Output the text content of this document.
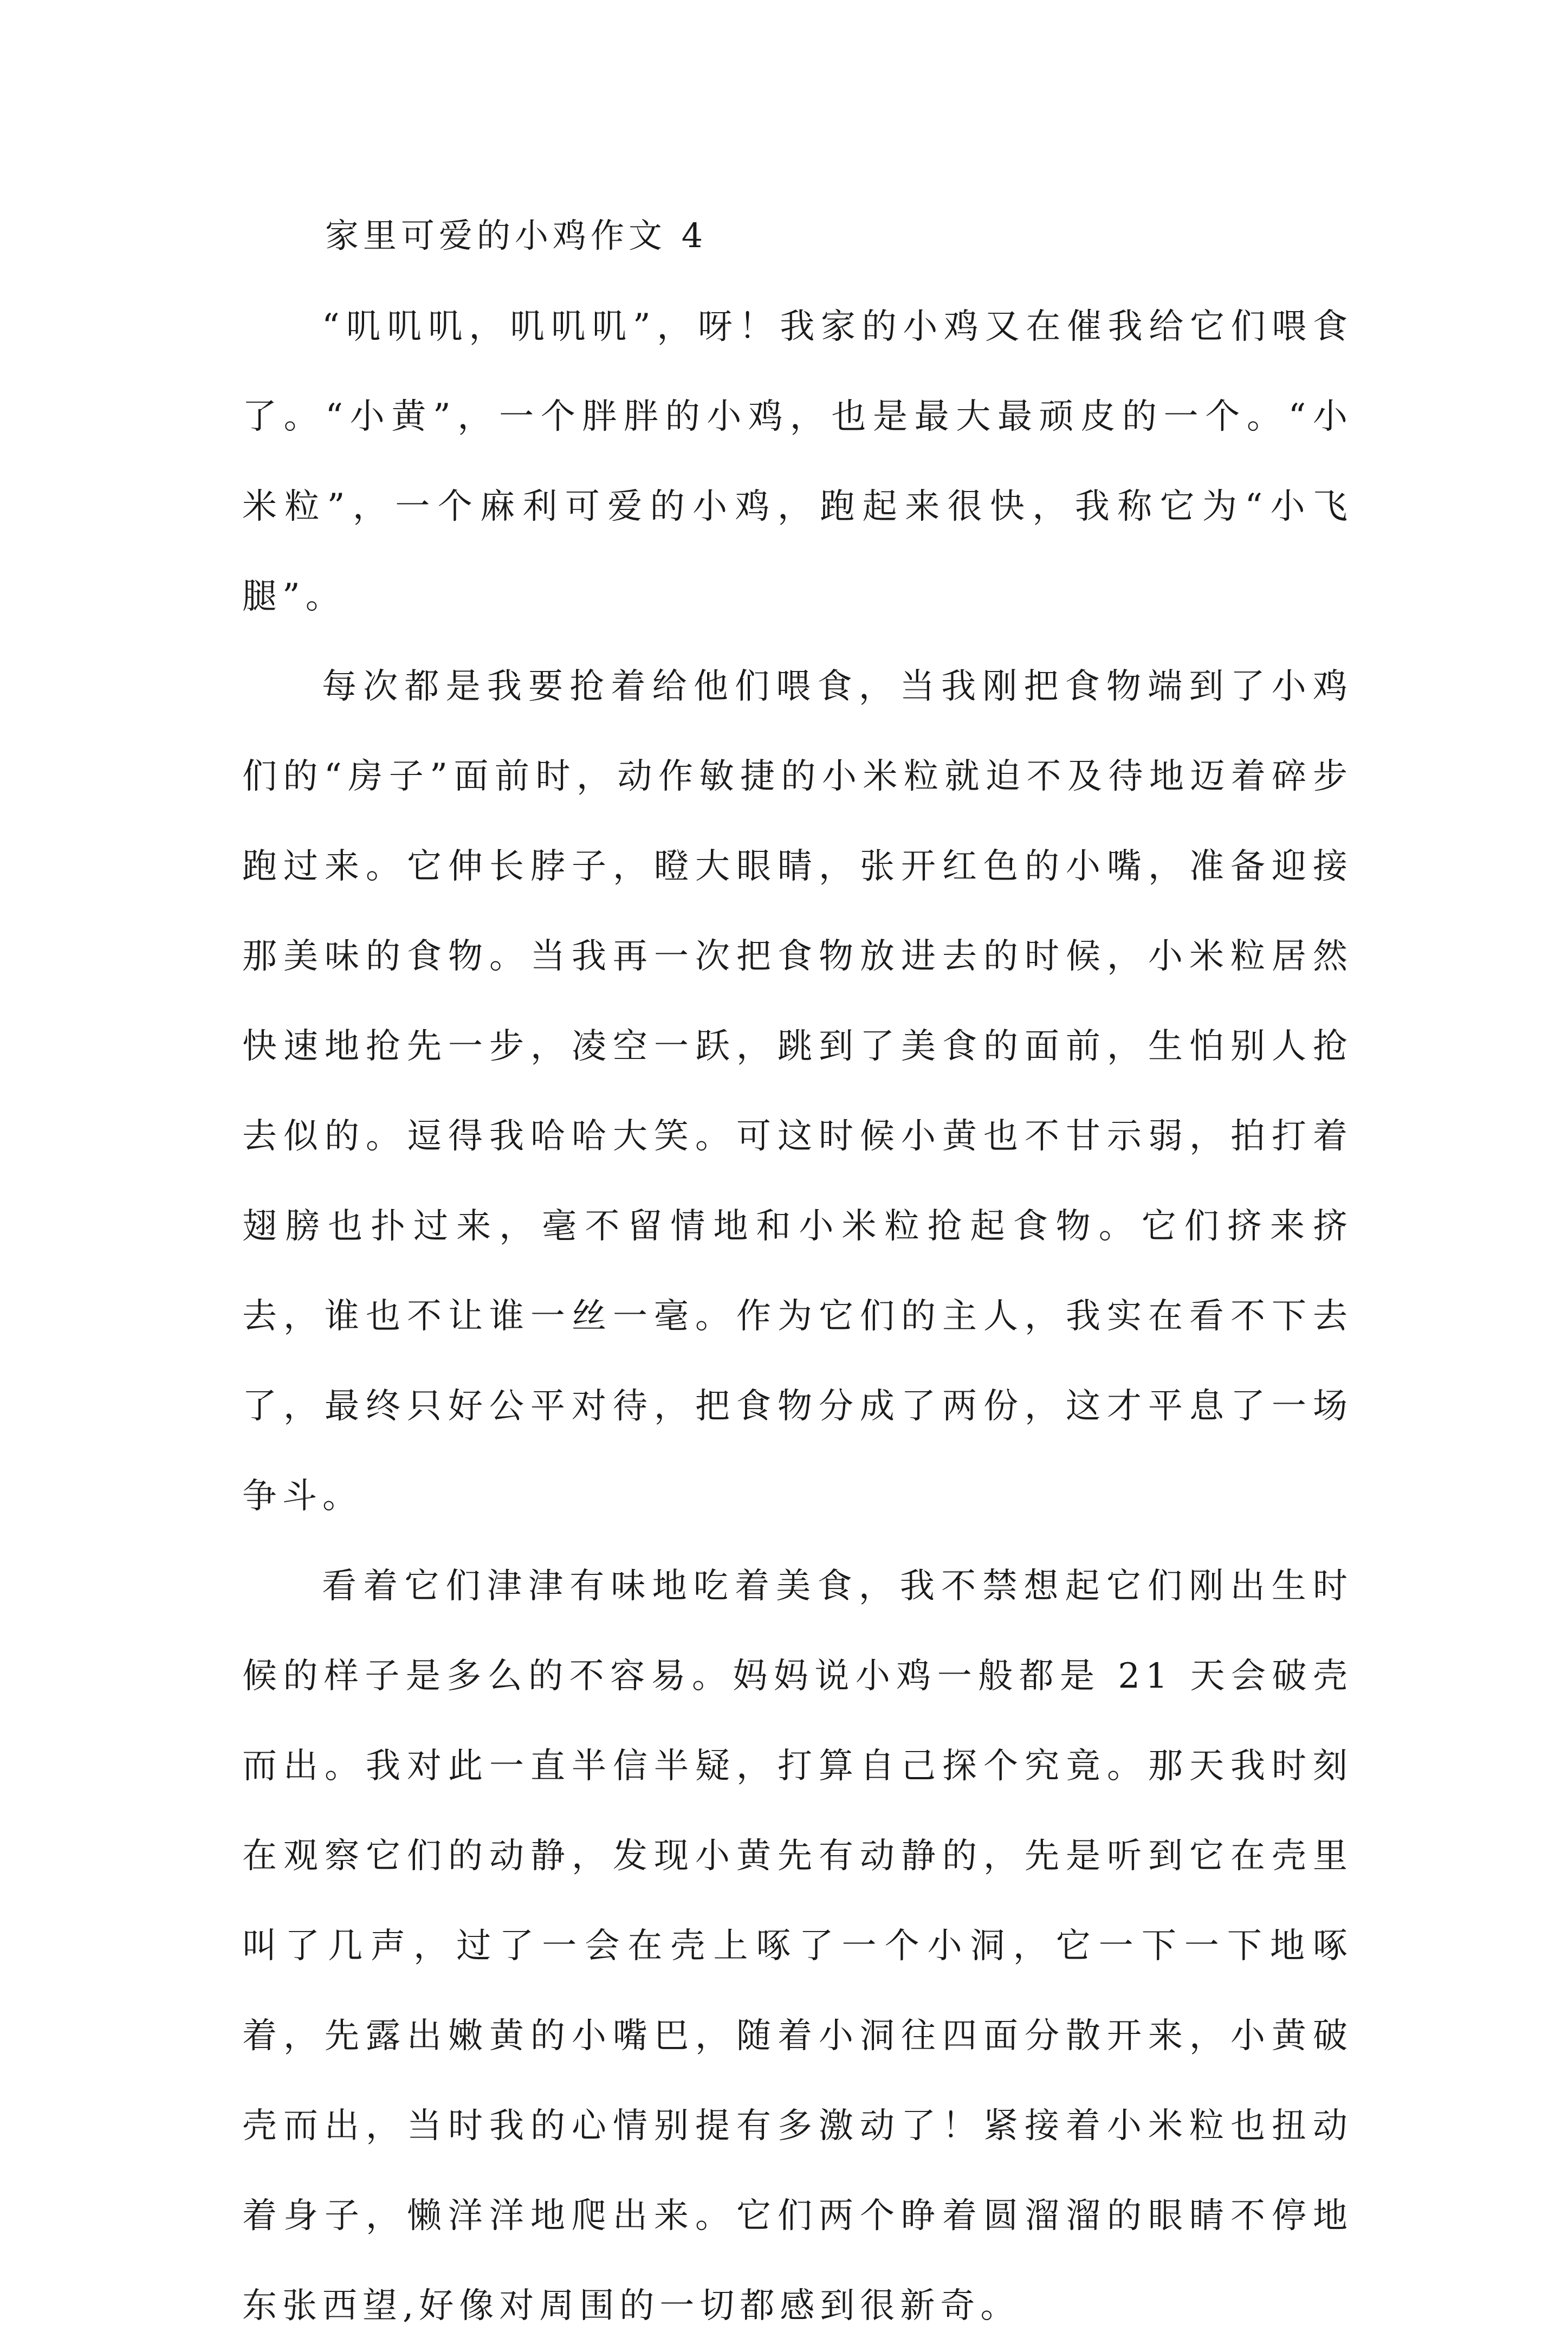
家里可爱的小鸡作文 4

“叽叽叽，叽叽叽”，呀！我家的小鸡又在催我给它们喂食了。“小黄”，一个胖胖的小鸡，也是最大最顽皮的一个。“小米粒”，一个麻利可爱的小鸡，跑起来很快，我称它为“小飞腿”。

每次都是我要抢着给他们喂食，当我刚把食物端到了小鸡们的“房子”面前时，动作敏捷的小米粒就迫不及待地迈着碎步跑过来。它伸长脖子，瞪大眼睛，张开红色的小嘴，准备迎接那美味的食物。当我再一次把食物放进去的时候，小米粒居然快速地抢先一步，凌空一跃，跳到了美食的面前，生怕别人抢去似的。逗得我哈哈大笑。可这时候小黄也不甘示弱，拍打着翅膀也扑过来，毫不留情地和小米粒抢起食物。它们挤来挤去，谁也不让谁一丝一毫。作为它们的主人，我实在看不下去了，最终只好公平对待，把食物分成了两份，这才平息了一场争斗。

看着它们津津有味地吃着美食，我不禁想起它们刚出生时候的样子是多么的不容易。妈妈说小鸡一般都是 21 天会破壳而出。我对此一直半信半疑，打算自己探个究竟。那天我时刻在观察它们的动静，发现小黄先有动静的，先是听到它在壳里叫了几声，过了一会在壳上啄了一个小洞，它一下一下地啄着，先露出嫩黄的小嘴巴，随着小洞往四面分散开来，小黄破壳而出，当时我的心情别提有多激动了！紧接着小米粒也扭动着身子，懒洋洋地爬出来。它们两个睁着圆溜溜的眼睛不停地东张西望,好像对周围的一切都感到很新奇。
